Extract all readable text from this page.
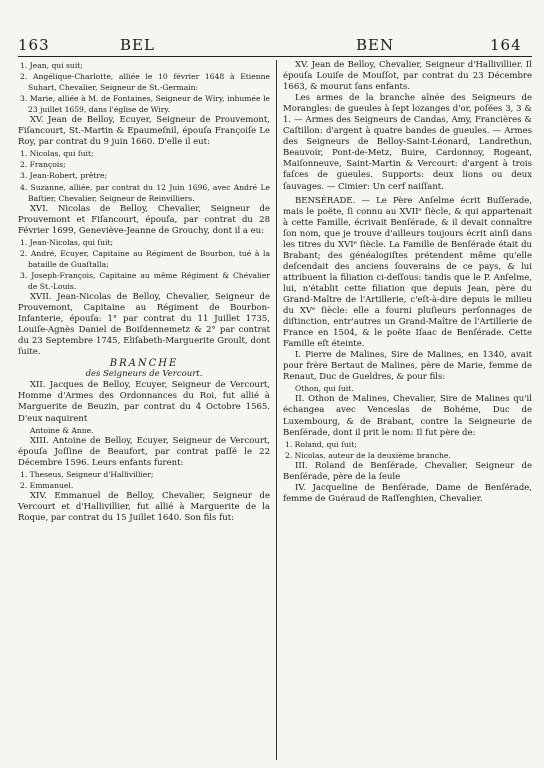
163	BEL	BEN	164
1. Jean, qui suit;
2. Angélique-Charlotte, alliée le 10 février 1648 à Etienne Suhart, Chevalier, Seigneur de St.-Germain:
3. Marie, alliée à M. de Fontaines, Seigneur de Wiry, inhumée le 23 juillet 1659, dans l'église de Wiry.
XV. Jean de Belloy, Ecuyer, Seigneur de Prouvemont, Fiſancourt, St.-Martin & Epaumeſnil, épouſa Françoiſe Le Roy, par contrat du 9 juin 1660. D'elle il eut:
1. Nicolas, qui ſuit;
2. François;
3. Jean-Robert, prêtre;
4. Suzanne, alliée, par contrat du 12 Juin 1696, avec André Le Baſtier, Chevalier, Seigneur de Reinvilliers.
XVI. Nicolas de Belloy, Chevalier, Seigneur de Prouvemont et Fiſancourt, épouſa, par contrat du 28 Février 1699, Geneviève-Jeanne de Grouchy, dont il a eu:
1. Jean-Nicolas, qui ſuit;
2. André, Ecuyer, Capitaine au Régiment de Bourbon, tué à la bataille de Guaſtalla;
3. Joseph-François, Capitaine au même Régiment & Chévalier de St.-Louis.
XVII. Jean-Nicolas de Belloy, Chevalier, Seigneur de Prouvemont, Capitaine au Régiment de Bourbon-Infanterie, épouſa: 1° par contrat du 11 Juillet 1735, Louiſe-Agnès Daniel de Boiſdennemetz & 2° par contrat du 23 Septembre 1745, Eliſabeth-Marguerite Groult, dont ſuite.
BRANCHE
des Seigneurs de Vercourt.
XII. Jacques de Belloy, Ecuyer, Seigneur de Vercourt, Homme d'Armes des Ordonnances du Roi, fut allié à Marguerite de Beuzin, par contrat du 4 Octobre 1565. D'eux naquirent
Antoine & Anne.
XIII. Antoine de Belloy, Ecuyer, Seigneur de Vercourt, épouſa Joſſine de Beaufort, par contrat paſſé le 22 Décembre 1596. Leurs enfants furent:
1. Theseus, Seigneur d'Hallivillier;
2. Emmanuel.
XIV. Emmanuel de Belloy, Chevalier, Seigneur de Vercourt et d'Hallivillier, fut allié à Marguerite de la Roque, par contrat du 15 Juillet 1640. Son fils fut:
XV. Jean de Belloy, Chevalier, Seigneur d'Hallivillier. Il épouſa Louiſe de Mouſſot, par contrat du 23 Décembre 1663, & mourut ſans enfants.
Les armes de la branche aînée des Seigneurs de Morangles: de gueules à ſept lozanges d'or, poſées 3, 3 & 1. — Armes des Seigneurs de Candas, Amy, Francières & Caſtillon: d'argent à quatre bandes de gueules. — Armes des Seigneurs de Belloy-Saint-Léonard, Landrethun, Beauvoir, Pont-de-Metz, Buire, Cardonnoy, Rogeant, Maiſonneuve, Saint-Martin & Vercourt: d'argent à trois faſces de gueules. Supports: deux lions ou deux ſauvages. — Cimier: Un cerf naiſſant.
BENSÉRADE. — Le Père Anſelme écrit Buſſerade, mais le poëte, ſi connu au XVIIᵉ ſiècle, & qui appartenait à cette Famille, écrivait Benſérade, & il devait connaître ſon nom, que je trouve d'ailleurs toujours écrit ainſi dans les titres du XVIᵉ ſiècle. La Famille de Benſérade était du Brabant; des généalogiſtes prétendent même qu'elle deſcendait des anciens ſouverains de ce pays, & lui attribuent la filiation ci-deſſous: tandis que le P. Anſelme, lui, n'établit cette filiation que depuis Jean, père du Grand-Maître de l'Artillerie, c'eſt-à-dire depuis le milieu du XVᵉ ſiècle: elle a fourni pluſieurs perſonnages de diſtinction, entr'autres un Grand-Maître de l'Artillerie de France en 1504, & le poëte Iſaac de Benſérade. Cette Famille eſt éteinte.
I. Pierre de Malines, Sire de Malines, en 1340, avait pour frère Bertaut de Malines, père de Marie, femme de Renaut, Duc de Gueldres, & pour fils:
Othon, qui ſuit.
II. Othon de Malines, Chevalier, Sire de Malines qu'il échangea avec Venceslas de Bohéme, Duc de Luxembourg, & de Brabant, contre la Seigneurie de Benſérade, dont il prit le nom: Il fut père de:
1. Roland, qui ſuit;
2. Nicolas, auteur de la deuxième branche.
III. Roland de Benſérade, Chevalier, Seigneur de Benſérade, père de la ſeule
IV. Jacqueline de Benſérade, Dame de Benſérade, femme de Guéraud de Raſſenghien, Chevalier.
